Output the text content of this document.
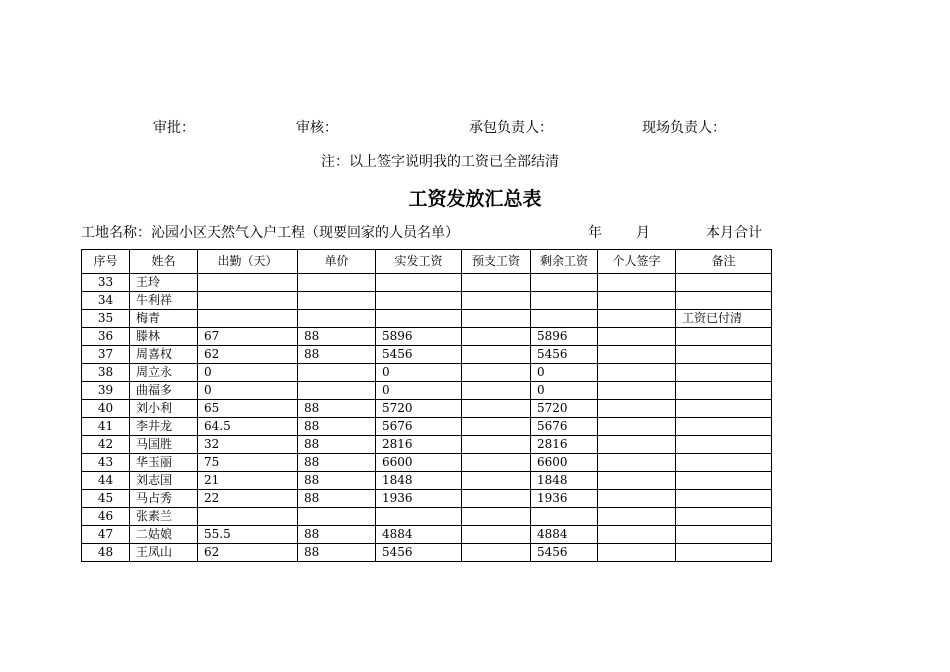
审批：	审核：	承包负责人：	现场负责人：
注：以上签字说明我的工资已全部结清
工资发放汇总表
工地名称：沁园小区天然气入户工程（现要回家的人员名单）	年 月	本月合计
序号	姓名	出勤（天）	单价	实发工资	预支工资	剩余工资	个人签字	备注
33	王玲							
34	牛利祥							
35	梅青							工资已付清
36	滕林	67	88	5896		5896		
37	周喜权	62	88	5456		5456		
38	周立永	0		0		0		
39	曲福多	0		0		0		
40	刘小利	65	88	5720		5720		
41	李井龙	64.5	88	5676		5676		
42	马国胜	32	88	2816		2816		
43	华玉丽	75	88	6600		6600		
44	刘志国	21	88	1848		1848		
45	马占秀	22	88	1936		1936		
46	张素兰							
47	二姑娘	55.5	88	4884		4884		
48	王凤山	62	88	5456		5456		
